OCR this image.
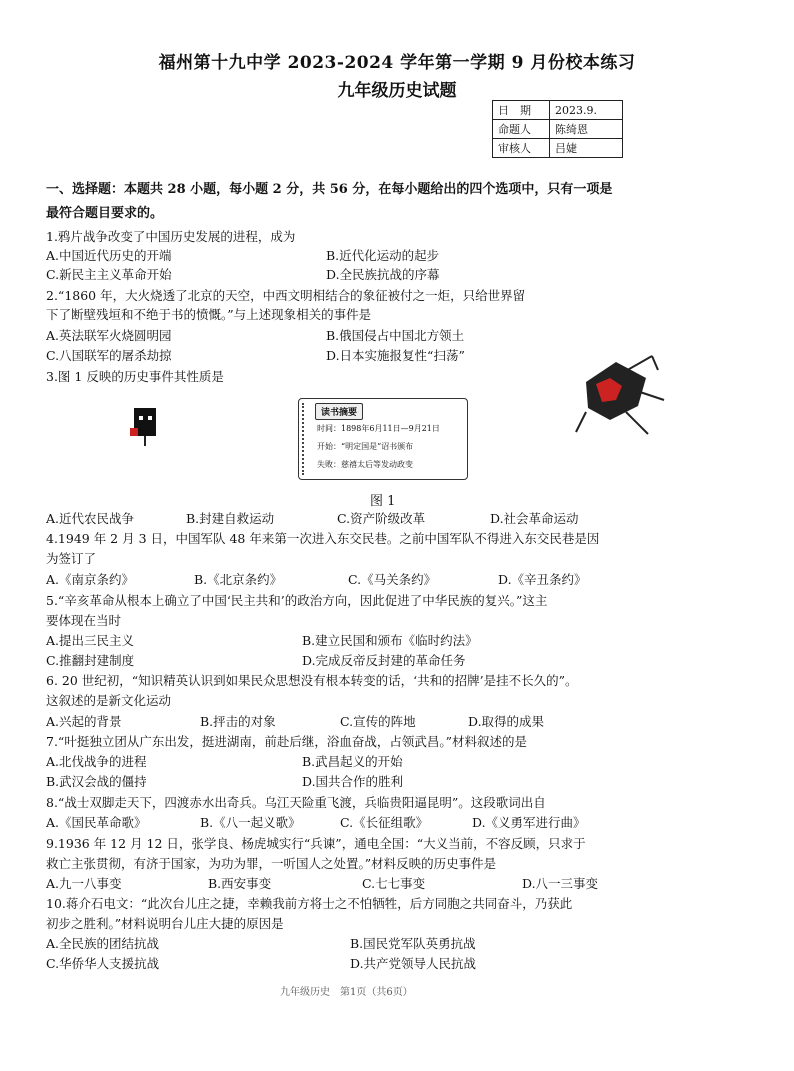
福州第十九中学 2023-2024 学年第一学期 9 月份校本练习
九年级历史试题
日　期	2023.9.
命题人	陈绮恩
审核人	吕婕
一、选择题：本题共 28 小题，每小题 2 分，共 56 分，在每小题给出的四个选项中，只有一项是
最符合题目要求的。
1.鸦片战争改变了中国历史发展的进程，成为
A.中国近代历史的开端	B.近代化运动的起步
C.新民主主义革命开始	D.全民族抗战的序幕
2.“1860 年，大火烧透了北京的天空，中西文明相结合的象征被付之一炬，只给世界留
下了断壁残垣和不绝于书的愤慨。”与上述现象相关的事件是
A.英法联军火烧圆明园	B.俄国侵占中国北方领土
C.八国联军的屠杀劫掠	D.日本实施报复性“扫荡”
3.图 1 反映的历史事件其性质是
读书摘要
时间：1898年6月11日—9月21日
开始：“明定国是”诏书颁布
失败：慈禧太后等发动政变
图 1
A.近代农民战争	B.封建自救运动	C.资产阶级改革	D.社会革命运动
4.1949 年 2 月 3 日，中国军队 48 年来第一次进入东交民巷。之前中国军队不得进入东交民巷是因
为签订了
A.《南京条约》	B.《北京条约》	C.《马关条约》	D.《辛丑条约》
5.“辛亥革命从根本上确立了中国‘民主共和’的政治方向，因此促进了中华民族的复兴。”这主
要体现在当时
A.提出三民主义	B.建立民国和颁布《临时约法》
C.推翻封建制度	D.完成反帝反封建的革命任务
6. 20 世纪初，“知识精英认识到如果民众思想没有根本转变的话，‘共和的招牌’是挂不长久的”。
这叙述的是新文化运动
A.兴起的背景	B.抨击的对象	C.宣传的阵地	D.取得的成果
7.“叶挺独立团从广东出发，挺进湖南，前赴后继，浴血奋战，占领武昌。”材料叙述的是
A.北伐战争的进程	B.武昌起义的开始
B.武汉会战的僵持	D.国共合作的胜利
8.“战士双脚走天下，四渡赤水出奇兵。乌江天险重飞渡，兵临贵阳逼昆明”。这段歌词出自
A.《国民革命歌》	B.《八一起义歌》	C.《长征组歌》	D.《义勇军进行曲》
9.1936 年 12 月 12 日，张学良、杨虎城实行“兵谏”，通电全国：“大义当前，不容反顾，只求于
救亡主张贯彻，有济于国家，为功为罪，一听国人之处置。”材料反映的历史事件是
A.九一八事变	B.西安事变	C.七七事变	D.八一三事变
10.蒋介石电文：“此次台儿庄之捷，幸赖我前方将士之不怕牺牲，后方同胞之共同奋斗，乃获此
初步之胜利。”材料说明台儿庄大捷的原因是
A.全民族的团结抗战	B.国民党军队英勇抗战
C.华侨华人支援抗战	D.共产党领导人民抗战
九年级历史　第1页（共6页）
